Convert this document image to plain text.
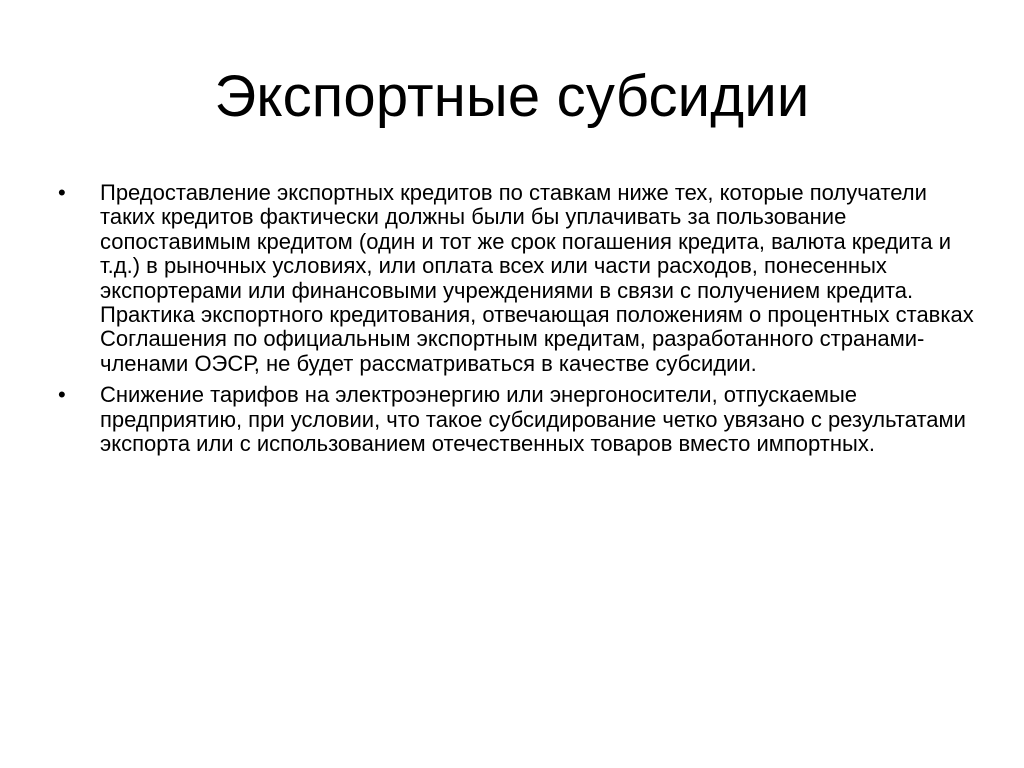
Экспортные субсидии
•	Предоставление экспортных кредитов по ставкам ниже тех, которые получатели таких кредитов фактически должны были бы уплачивать за пользование сопоставимым кредитом (один и тот же срок погашения кредита, валюта кредита и т.д.) в рыночных условиях, или оплата всех или части расходов, понесенных экспортерами или финансовыми учреждениями в связи с получением кредита. Практика экспортного кредитования, отвечающая положениям о процентных ставках Соглашения по официальным экспортным кредитам, разработанного странами-членами ОЭСР, не будет рассматриваться в качестве субсидии.
•	Снижение тарифов на электроэнергию или энергоносители, отпускаемые предприятию, при условии, что такое субсидирование четко увязано с результатами экспорта или с использованием отечественных товаров вместо импортных.
